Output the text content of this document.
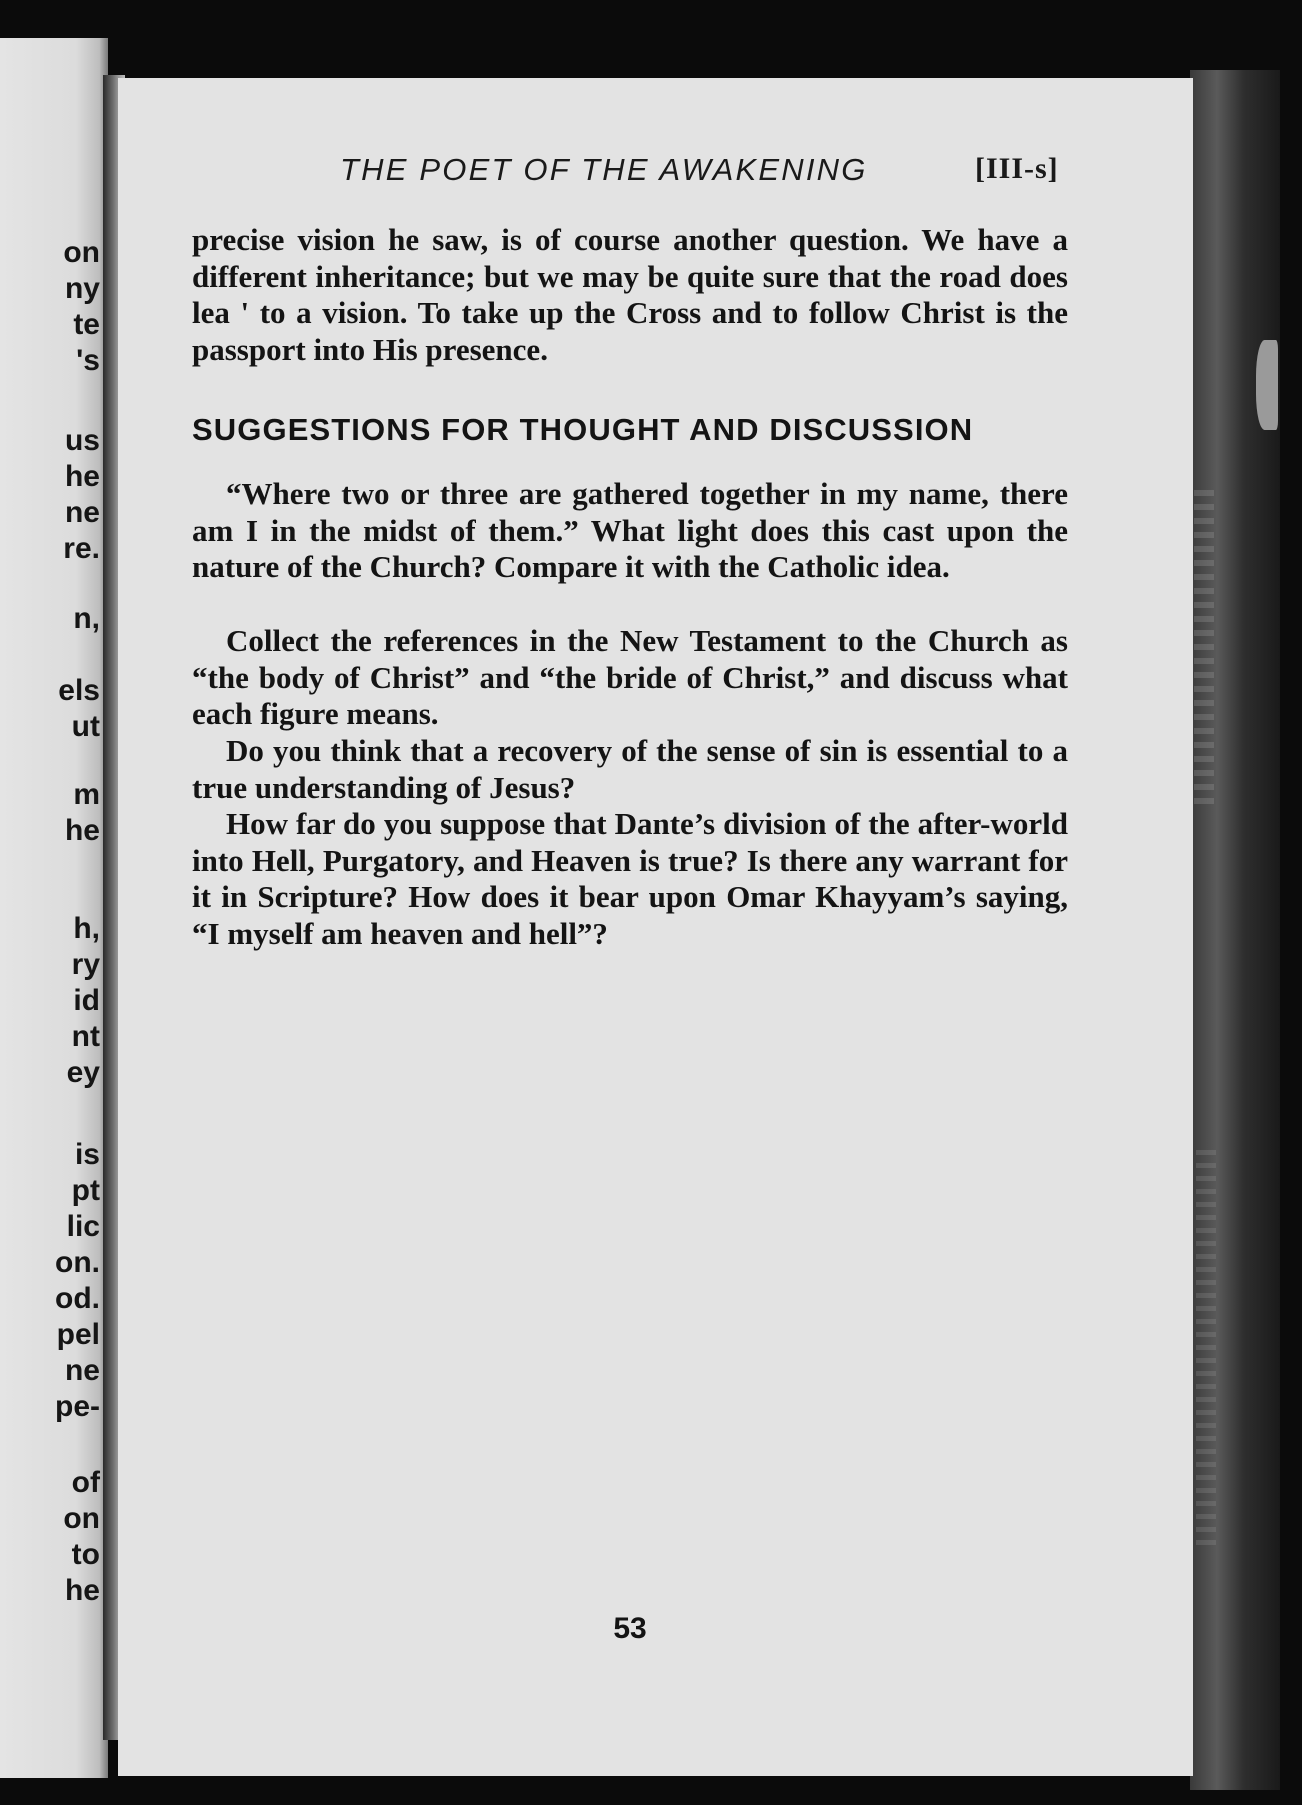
on
ny
te
's
us
he
ne
re.
n,
els
ut
m
he
h,
ry
id
nt
ey
is
pt
lic
on.
od.
pel
ne
pe-
of
on
to
he
THE POET OF THE AWAKENING	[III-s]

precise vision he saw, is of course another question. We have a different inheritance; but we may be quite sure that the road does lea ' to a vision. To take up the Cross and to follow Christ is the passport into His presence.

SUGGESTIONS FOR THOUGHT AND DISCUSSION

“Where two or three are gathered together in my name, there am I in the midst of them.” What light does this cast upon the nature of the Church? Compare it with the Catholic idea.

Collect the references in the New Testament to the Church as “the body of Christ” and “the bride of Christ,” and discuss what each figure means.

Do you think that a recovery of the sense of sin is essential to a true understanding of Jesus?

How far do you suppose that Dante’s division of the after-world into Hell, Purgatory, and Heaven is true? Is there any warrant for it in Scripture? How does it bear upon Omar Khayyam’s saying, “I myself am heaven and hell”?

53
